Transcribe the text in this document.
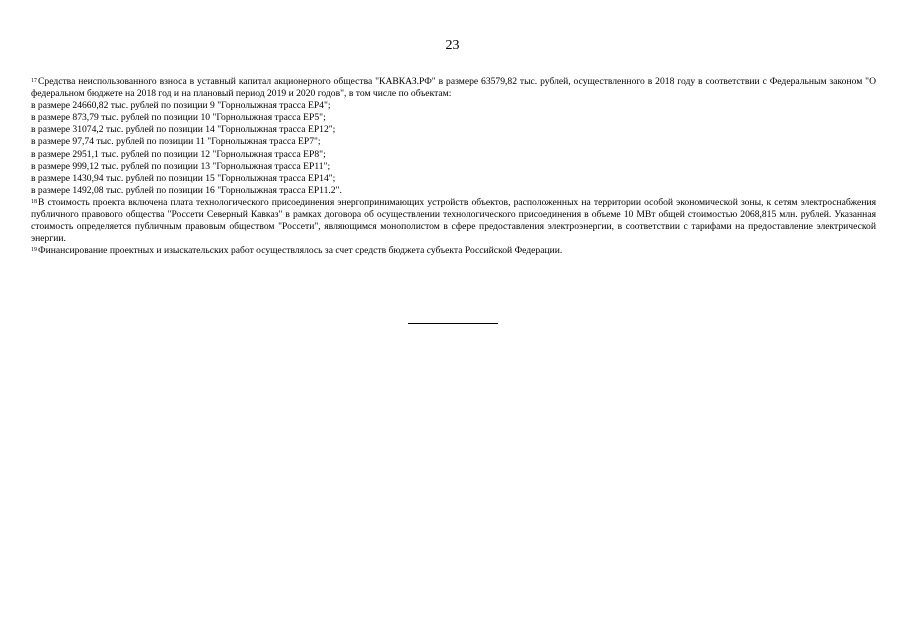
23

$^{17}$Средства неиспользованного взноса в уставный капитал акционерного общества "КАВКАЗ.РФ" в размере 63579,82 тыс. рублей, осуществленного в 2018 году в соответствии с Федеральным законом "О федеральном бюджете на 2018 год и на плановый период 2019 и 2020 годов", в том числе по объектам:

в размере 24660,82 тыс. рублей по позиции 9 "Горнолыжная трасса ЕР4";

в размере 873,79 тыс. рублей по позиции 10 "Горнолыжная трасса ЕР5";

в размере 31074,2 тыс. рублей по позиции 14 "Горнолыжная трасса ЕР12";

в размере 97,74 тыс. рублей по позиции 11 "Горнолыжная трасса ЕР7";

в размере 2951,1 тыс. рублей по позиции 12 "Горнолыжная трасса ЕР8";

в размере 999,12 тыс. рублей по позиции 13 "Горнолыжная трасса ЕР11";

в размере 1430,94 тыс. рублей по позиции 15 "Горнолыжная трасса ЕР14";

в размере 1492,08 тыс. рублей по позиции 16 "Горнолыжная трасса ЕР11.2".

$^{18}$В стоимость проекта включена плата технологического присоединения энергопринимающих устройств объектов, расположенных на территории особой экономической зоны, к сетям электроснабжения публичного правового общества "Россети Северный Кавказ" в рамках договора об осуществлении технологического присоединения в объеме 10 МВт общей стоимостью 2068,815 млн. рублей. Указанная стоимость определяется публичным правовым обществом "Россети", являющимся монополистом в сфере предоставления электроэнергии, в соответствии с тарифами на предоставление электрической энергии.

$^{19}$Финансирование проектных и изыскательских работ осуществлялось за счет средств бюджета субъекта Российской Федерации.
